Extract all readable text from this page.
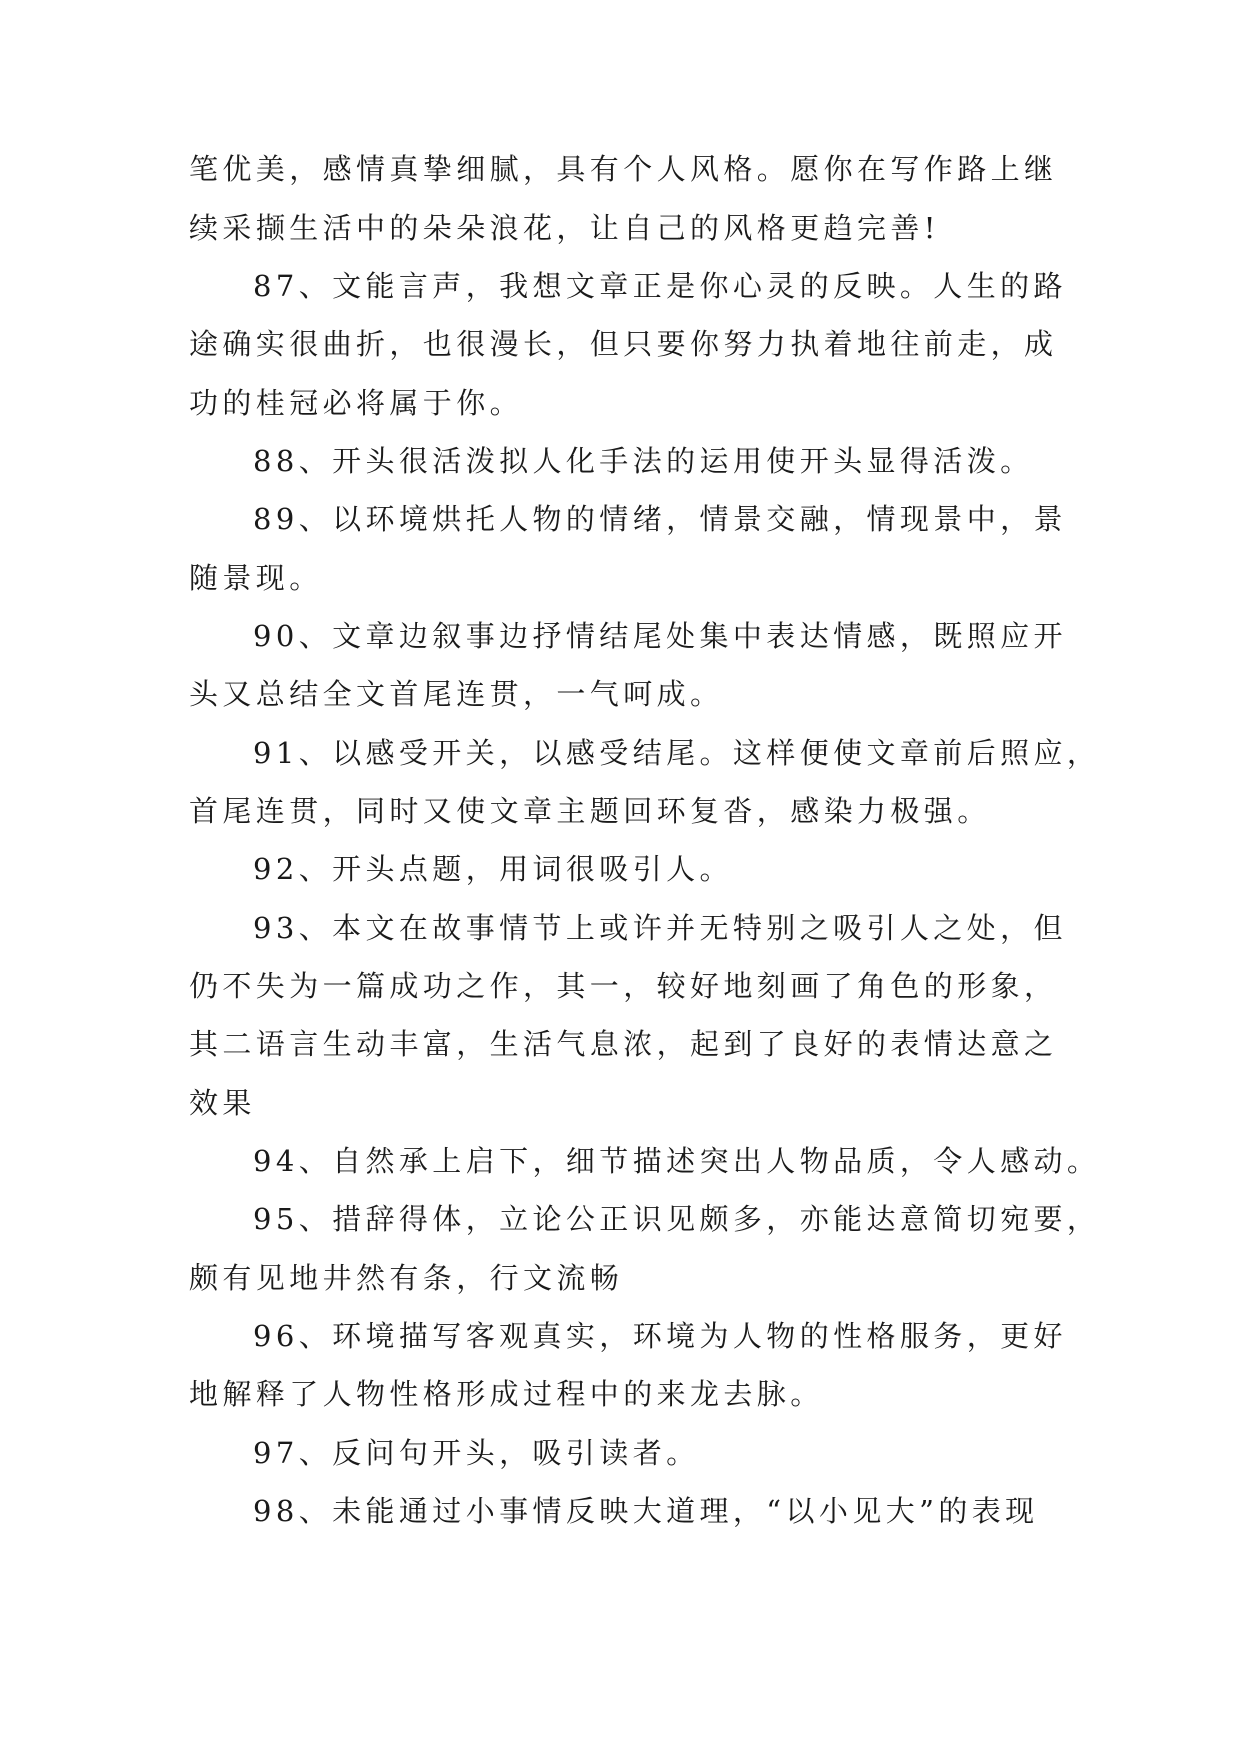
笔优美，感情真挚细腻，具有个人风格。愿你在写作路上继
续采撷生活中的朵朵浪花，让自己的风格更趋完善!
87、文能言声，我想文章正是你心灵的反映。人生的路
途确实很曲折，也很漫长，但只要你努力执着地往前走，成
功的桂冠必将属于你。
88、开头很活泼拟人化手法的运用使开头显得活泼。
89、以环境烘托人物的情绪，情景交融，情现景中，景
随景现。
90、文章边叙事边抒情结尾处集中表达情感，既照应开
头又总结全文首尾连贯，一气呵成。
91、以感受开关，以感受结尾。这样便使文章前后照应，
首尾连贯，同时又使文章主题回环复沓，感染力极强。
92、开头点题，用词很吸引人。
93、本文在故事情节上或许并无特别之吸引人之处，但
仍不失为一篇成功之作，其一，较好地刻画了角色的形象，
其二语言生动丰富，生活气息浓，起到了良好的表情达意之
效果
94、自然承上启下，细节描述突出人物品质，令人感动。
95、措辞得体，立论公正识见颇多，亦能达意简切宛要，
颇有见地井然有条，行文流畅
96、环境描写客观真实，环境为人物的性格服务，更好
地解释了人物性格形成过程中的来龙去脉。
97、反问句开头，吸引读者。
98、未能通过小事情反映大道理，“以小见大”的表现
